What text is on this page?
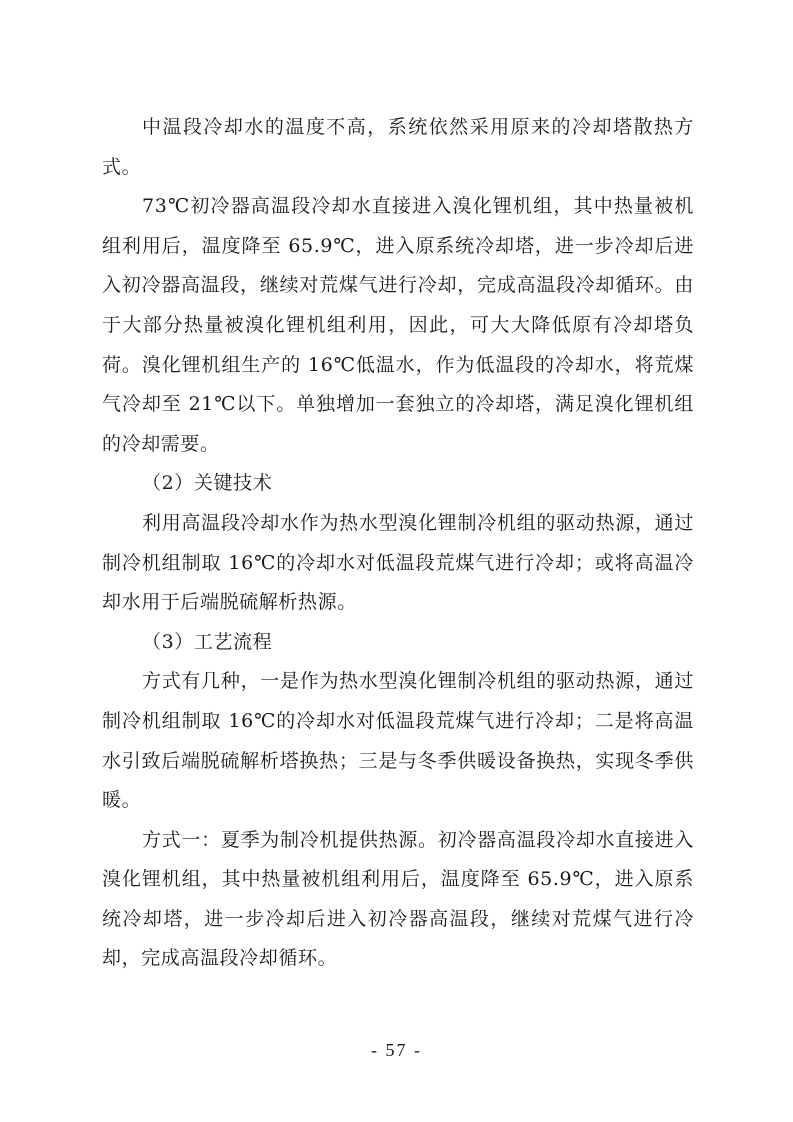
中温段冷却水的温度不高，系统依然采用原来的冷却塔散热方式。

73℃初冷器高温段冷却水直接进入溴化锂机组，其中热量被机组利用后，温度降至 65.9℃，进入原系统冷却塔，进一步冷却后进入初冷器高温段，继续对荒煤气进行冷却，完成高温段冷却循环。由于大部分热量被溴化锂机组利用，因此，可大大降低原有冷却塔负荷。溴化锂机组生产的 16℃低温水，作为低温段的冷却水，将荒煤气冷却至 21℃以下。单独增加一套独立的冷却塔，满足溴化锂机组的冷却需要。

（2）关键技术

利用高温段冷却水作为热水型溴化锂制冷机组的驱动热源，通过制冷机组制取 16℃的冷却水对低温段荒煤气进行冷却；或将高温冷却水用于后端脱硫解析热源。

（3）工艺流程

方式有几种，一是作为热水型溴化锂制冷机组的驱动热源，通过制冷机组制取 16℃的冷却水对低温段荒煤气进行冷却；二是将高温水引致后端脱硫解析塔换热；三是与冬季供暖设备换热，实现冬季供暖。

方式一：夏季为制冷机提供热源。初冷器高温段冷却水直接进入溴化锂机组，其中热量被机组利用后，温度降至 65.9℃，进入原系统冷却塔，进一步冷却后进入初冷器高温段，继续对荒煤气进行冷却，完成高温段冷却循环。

- 57 -
